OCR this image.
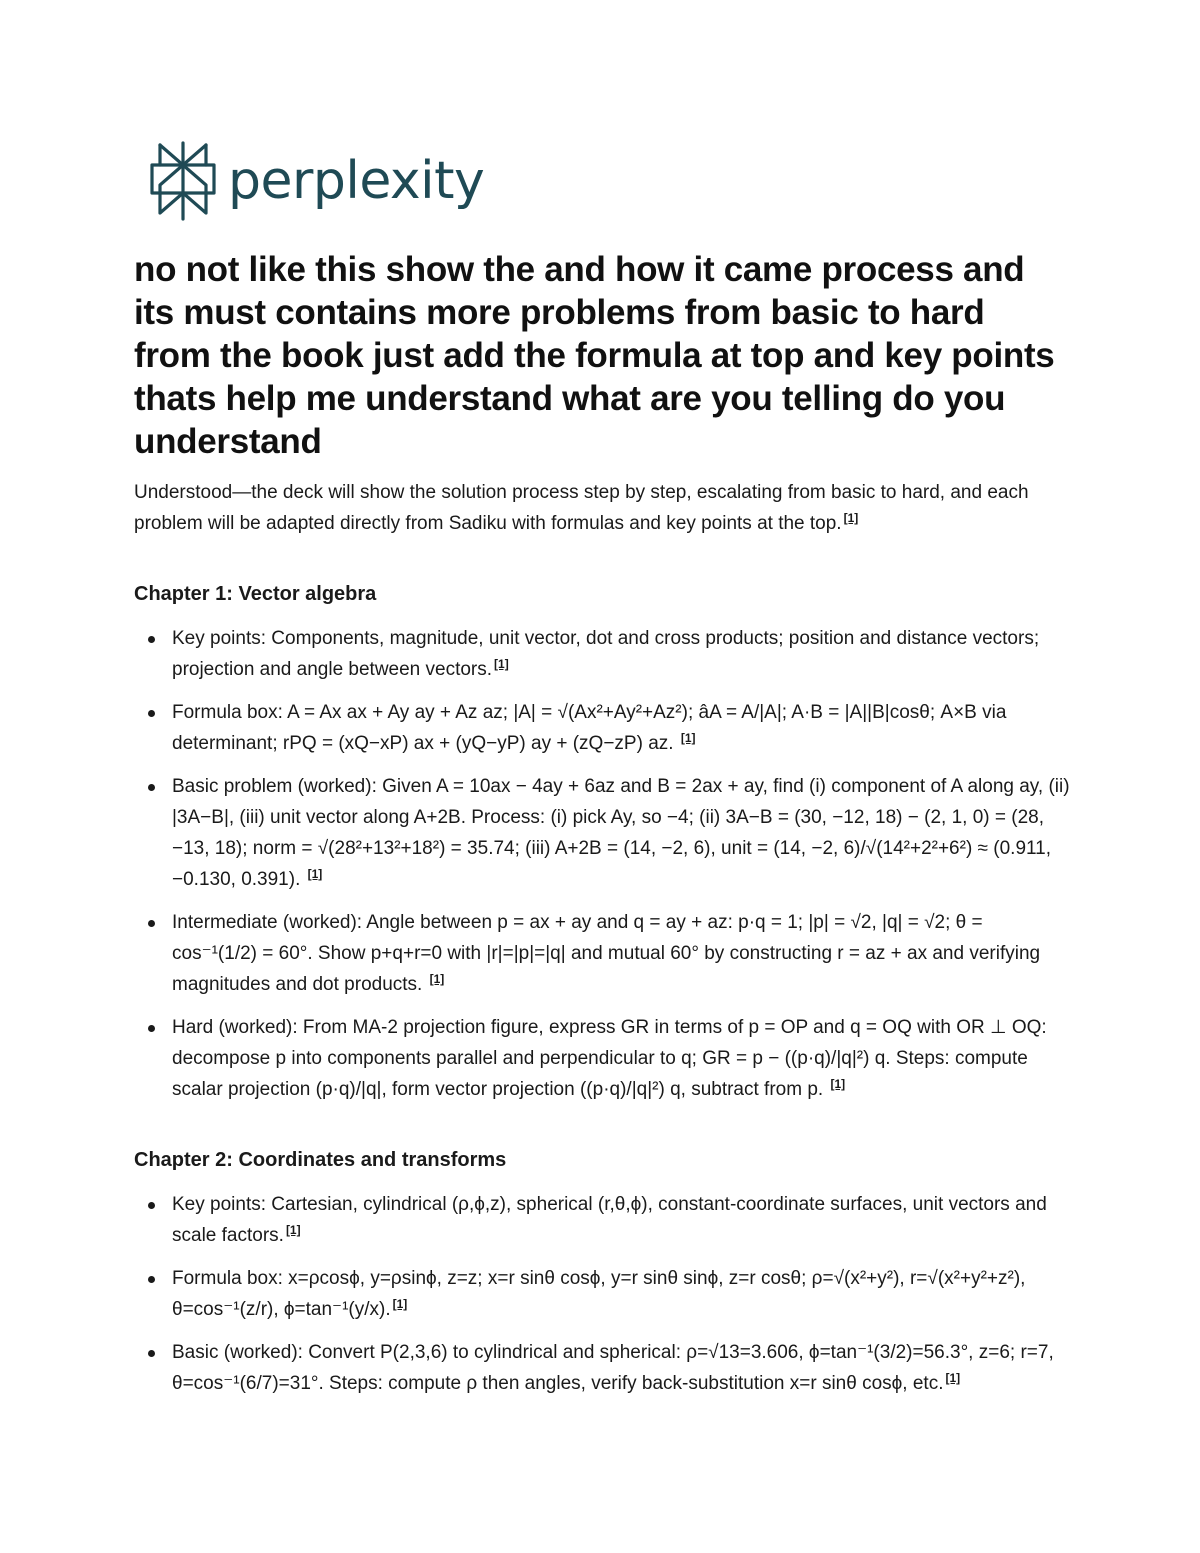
perplexity
no not like this show the and how it came process and its must contains more problems from basic to hard from the book just add the formula at top and key points thats help me understand what are you telling do you understand

Understood—the deck will show the solution process step by step, escalating from basic to hard, and each problem will be adapted directly from Sadiku with formulas and key points at the top. [1]

Chapter 1: Vector algebra
Key points: Components, magnitude, unit vector, dot and cross products; position and distance vectors; projection and angle between vectors. [1]
Formula box: A = Ax ax + Ay ay + Az az; |A| = √(Ax²+Ay²+Az²); âA = A/|A|; A·B = |A||B|cosθ; A×B via determinant; rPQ = (xQ−xP) ax + (yQ−yP) ay + (zQ−zP) az. [1]
Basic problem (worked): Given A = 10ax − 4ay + 6az and B = 2ax + ay, find (i) component of A along ay, (ii) |3A−B|, (iii) unit vector along A+2B. Process: (i) pick Ay, so −4; (ii) 3A−B = (30, −12, 18) − (2, 1, 0) = (28, −13, 18); norm = √(28²+13²+18²) = 35.74; (iii) A+2B = (14, −2, 6), unit = (14, −2, 6)/√(14²+2²+6²) ≈ (0.911, −0.130, 0.391). [1]
Intermediate (worked): Angle between p = ax + ay and q = ay + az: p·q = 1; |p| = √2, |q| = √2; θ = cos⁻¹(1/2) = 60°. Show p+q+r=0 with |r|=|p|=|q| and mutual 60° by constructing r = az + ax and verifying magnitudes and dot products. [1]
Hard (worked): From MA-2 projection figure, express GR in terms of p = OP and q = OQ with OR ⊥ OQ: decompose p into components parallel and perpendicular to q; GR = p − ((p·q)/|q|²) q. Steps: compute scalar projection (p·q)/|q|, form vector projection ((p·q)/|q|²) q, subtract from p. [1]
Chapter 2: Coordinates and transforms
Key points: Cartesian, cylindrical (ρ,ϕ,z), spherical (r,θ,ϕ), constant-coordinate surfaces, unit vectors and scale factors. [1]
Formula box: x=ρcosϕ, y=ρsinϕ, z=z; x=r sinθ cosϕ, y=r sinθ sinϕ, z=r cosθ; ρ=√(x²+y²), r=√(x²+y²+z²), θ=cos⁻¹(z/r), ϕ=tan⁻¹(y/x). [1]
Basic (worked): Convert P(2,3,6) to cylindrical and spherical: ρ=√13=3.606, ϕ=tan⁻¹(3/2)=56.3°, z=6; r=7, θ=cos⁻¹(6/7)=31°. Steps: compute ρ then angles, verify back-substitution x=r sinθ cosϕ, etc. [1]
